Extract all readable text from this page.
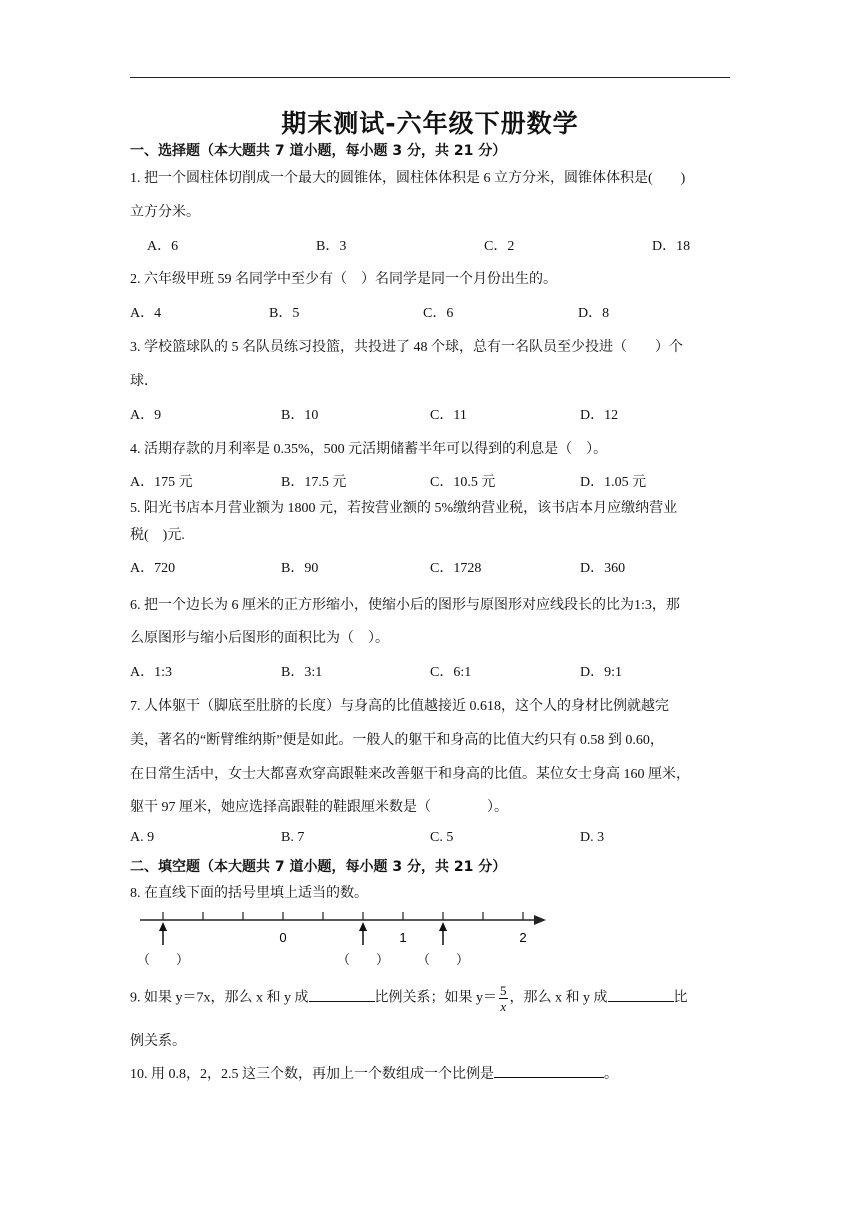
期末测试-六年级下册数学
一、选择题（本大题共 7 道小题，每小题 3 分，共 21 分）
1. 把一个圆柱体切削成一个最大的圆锥体，圆柱体体积是 6 立方分米，圆锥体体积是(　　)
立方分米。
A．6	B．3	C．2	D．18
2. 六年级甲班 59 名同学中至少有（　）名同学是同一个月份出生的。
A．4	B．5	C．6	D．8
3. 学校篮球队的 5 名队员练习投篮，共投进了 48 个球，总有一名队员至少投进（　　）个
球．
A．9	B．10	C．11	D．12
4. 活期存款的月利率是 0.35%，500 元活期储蓄半年可以得到的利息是（　）。
A．175 元	B．17.5 元	C．10.5 元	D．1.05 元
5. 阳光书店本月营业额为 1800 元，若按营业额的 5%缴纳营业税，该书店本月应缴纳营业
税(　)元.
A．720	B．90	C．1728	D．360
6. 把一个边长为 6 厘米的正方形缩小，使缩小后的图形与原图形对应线段长的比为1:3，那
么原图形与缩小后图形的面积比为（　）。
A．1:3	B．3:1	C．6:1	D．9:1
7. 人体躯干（脚底至肚脐的长度）与身高的比值越接近 0.618，这个人的身材比例就越完
美，著名的“断臂维纳斯”便是如此。一般人的躯干和身高的比值大约只有 0.58 到 0.60，
在日常生活中，女士大都喜欢穿高跟鞋来改善躯干和身高的比值。某位女士身高 160 厘米，
躯干 97 厘米，她应选择高跟鞋的鞋跟厘米数是（　　　　）。
A. 9	B. 7	C. 5	D. 3
二、填空题（本大题共 7 道小题，每小题 3 分，共 21 分）
8. 在直线下面的括号里填上适当的数。
0	1	2
（　　）	（　　） （　　）
9. 如果 y＝7x，那么 x 和 y 成	比例关系；如果 $y= \frac{5}{x}$ ，那么 x 和 y 成	比
例关系。
10. 用 0.8，2，2.5 这三个数，再加上一个数组成一个比例是	。
